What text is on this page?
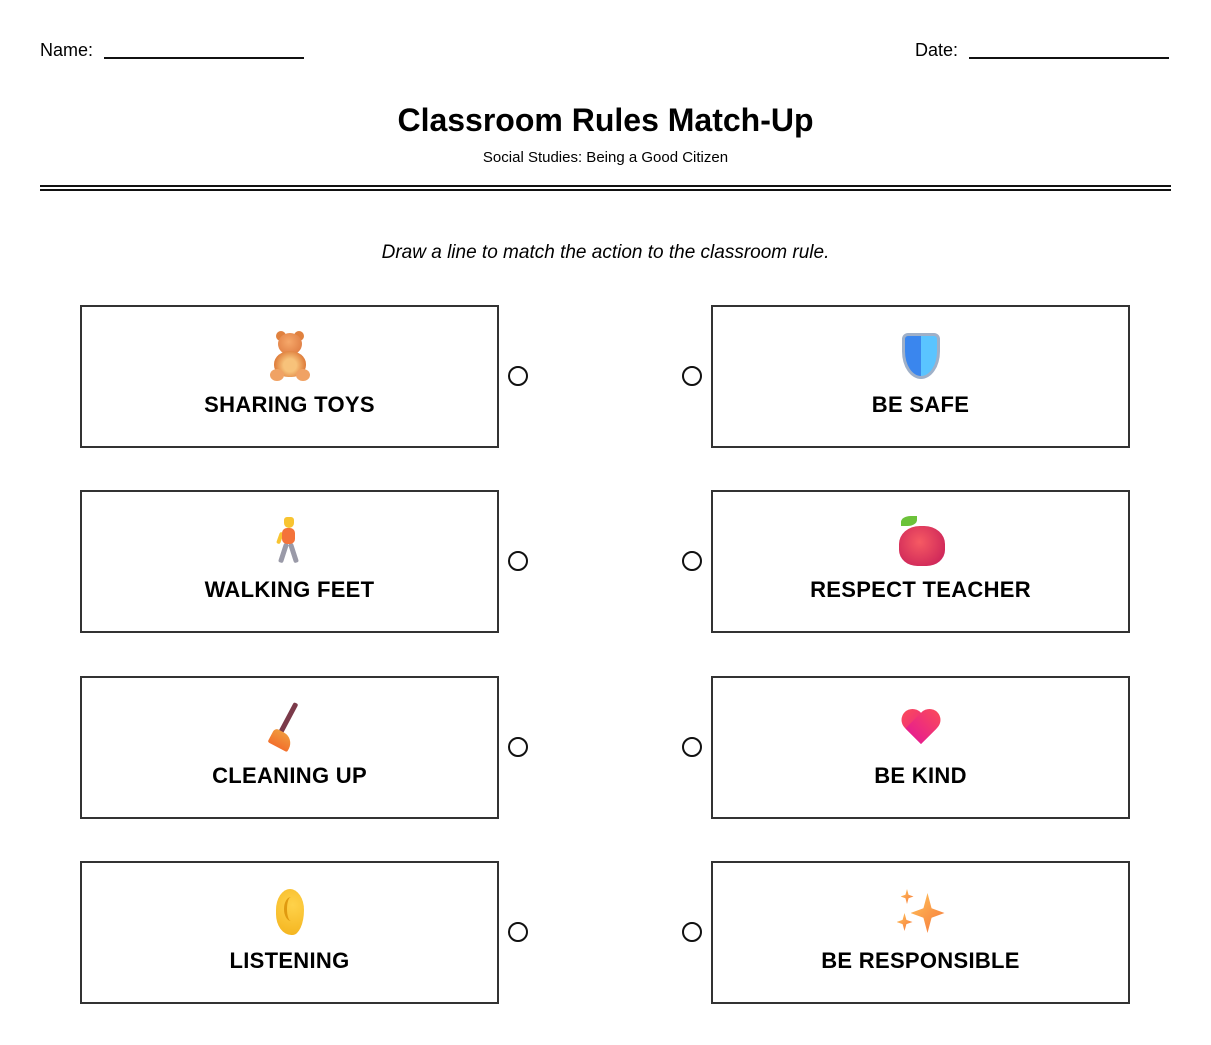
Name:	Date:
Classroom Rules Match-Up
Social Studies: Being a Good Citizen
Draw a line to match the action to the classroom rule.
SHARING TOYS	BE SAFE
WALKING FEET	RESPECT TEACHER
CLEANING UP	BE KIND
LISTENING	BE RESPONSIBLE
